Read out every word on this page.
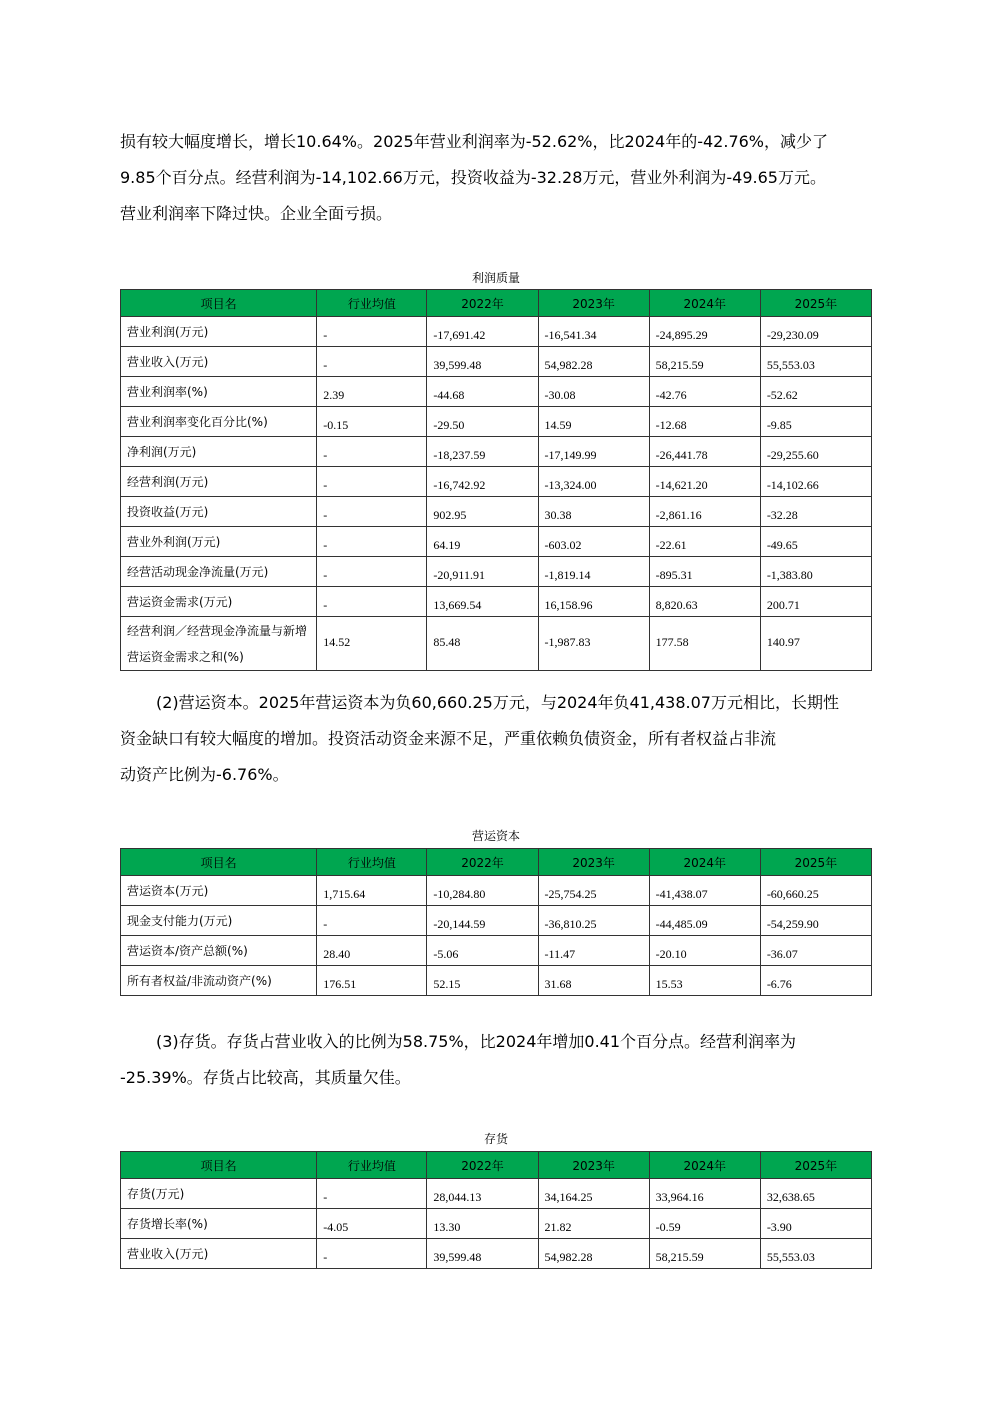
损有较大幅度增长，增长10.64%。2025年营业利润率为-52.62%，比2024年的-42.76%，减少了
9.85个百分点。经营利润为-14,102.66万元，投资收益为-32.28万元，营业外利润为-49.65万元。
营业利润率下降过快。企业全面亏损。
利润质量
项目名	行业均值	2022年	2023年	2024年	2025年
营业利润(万元)	-	-17,691.42	-16,541.34	-24,895.29	-29,230.09
营业收入(万元)	-	39,599.48	54,982.28	58,215.59	55,553.03
营业利润率(%)	2.39	-44.68	-30.08	-42.76	-52.62
营业利润率变化百分比(%)	-0.15	-29.50	14.59	-12.68	-9.85
净利润(万元)	-	-18,237.59	-17,149.99	-26,441.78	-29,255.60
经营利润(万元)	-	-16,742.92	-13,324.00	-14,621.20	-14,102.66
投资收益(万元)	-	902.95	30.38	-2,861.16	-32.28
营业外利润(万元)	-	64.19	-603.02	-22.61	-49.65
经营活动现金净流量(万元)	-	-20,911.91	-1,819.14	-895.31	-1,383.80
营运资金需求(万元)	-	13,669.54	16,158.96	8,820.63	200.71
经营利润／经营现金净流量与新增营运资金需求之和(%)	14.52	85.48	-1,987.83	177.58	140.97
(2)营运资本。2025年营运资本为负60,660.25万元，与2024年负41,438.07万元相比，长期性
资金缺口有较大幅度的增加。投资活动资金来源不足，严重依赖负债资金，所有者权益占非流
动资产比例为-6.76%。
营运资本
项目名	行业均值	2022年	2023年	2024年	2025年
营运资本(万元)	1,715.64	-10,284.80	-25,754.25	-41,438.07	-60,660.25
现金支付能力(万元)	-	-20,144.59	-36,810.25	-44,485.09	-54,259.90
营运资本/资产总额(%)	28.40	-5.06	-11.47	-20.10	-36.07
所有者权益/非流动资产(%)	176.51	52.15	31.68	15.53	-6.76
(3)存货。存货占营业收入的比例为58.75%，比2024年增加0.41个百分点。经营利润率为
-25.39%。存货占比较高，其质量欠佳。
存货
项目名	行业均值	2022年	2023年	2024年	2025年
存货(万元)	-	28,044.13	34,164.25	33,964.16	32,638.65
存货增长率(%)	-4.05	13.30	21.82	-0.59	-3.90
营业收入(万元)	-	39,599.48	54,982.28	58,215.59	55,553.03
